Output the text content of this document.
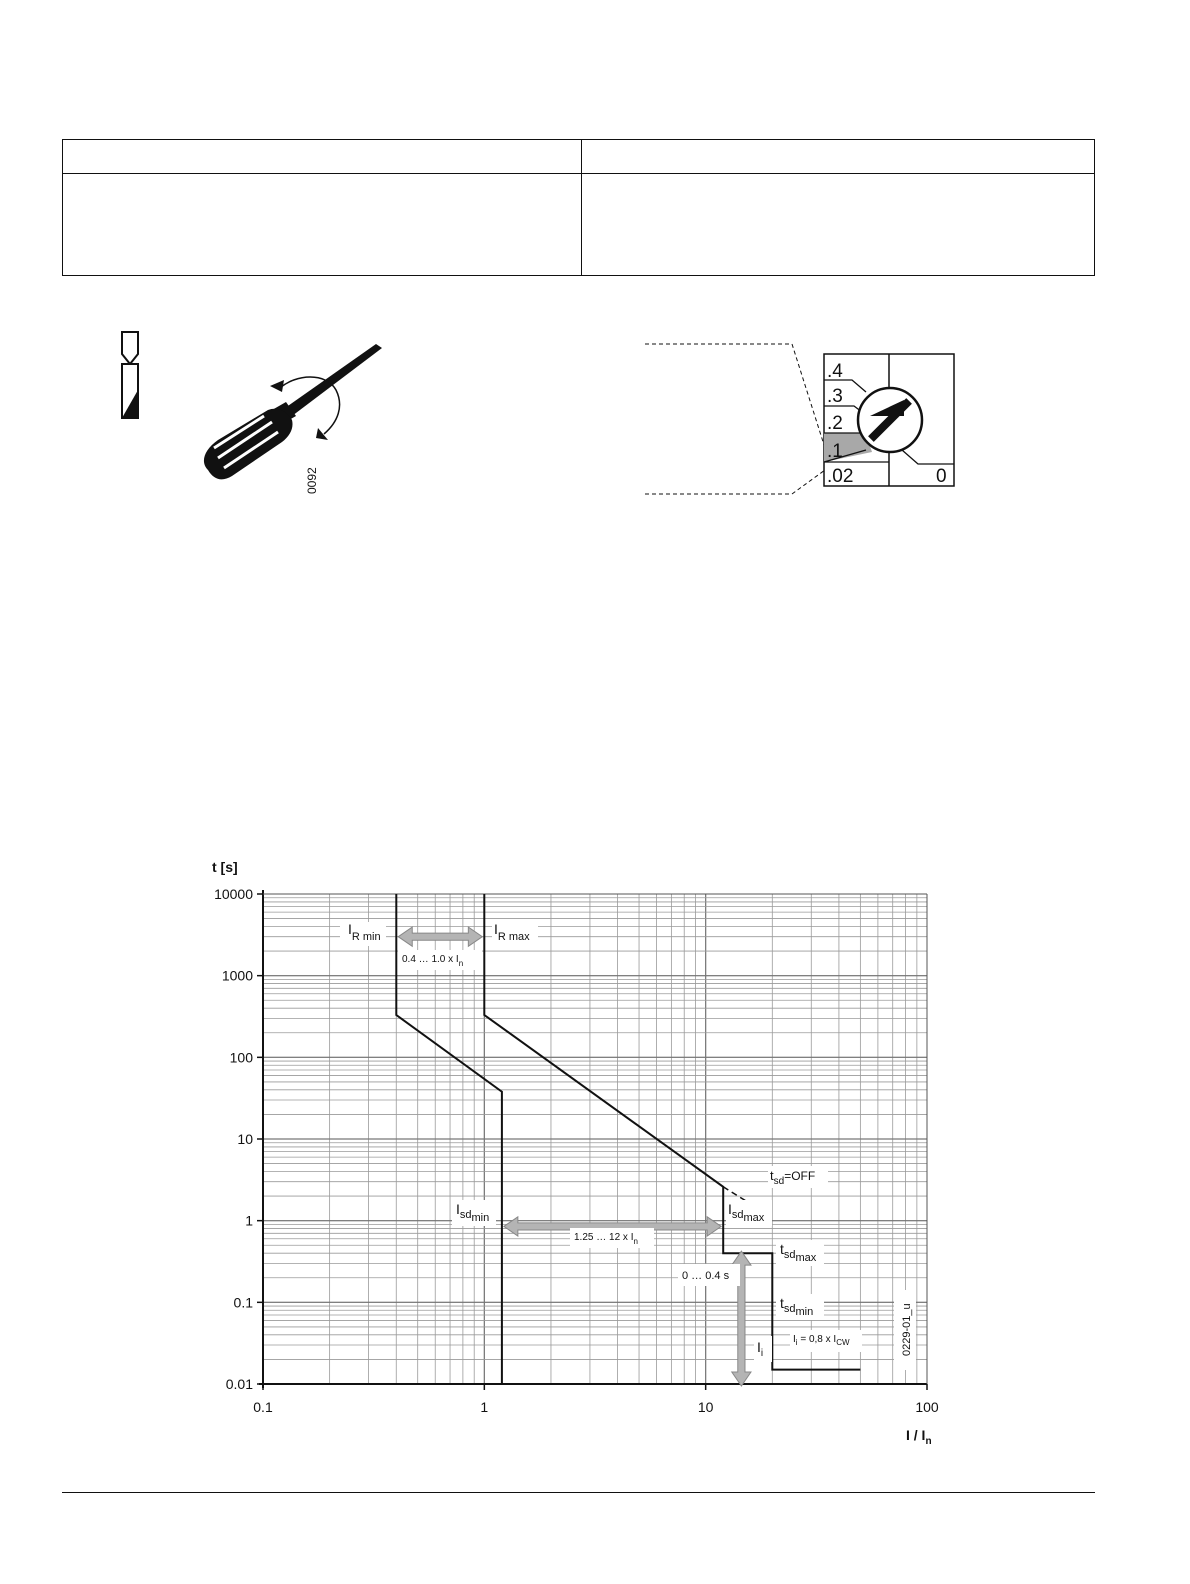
0092
.4
.3
.2
.1
.02	0
10000
1000
100
10
1
0.1
0.01
0.1	1	10	100
t [s]
I / $I_n$
$I_{R min}$	$I_{R max}$
0.4 … 1.0 x $I_n$
$t_{sd}=OFF$
$I_{sdmin}$
$I_{sdmax}$
1.25 … 12 x $I_n$	$t_{sdmax}$
0 … 0.4 s
$t_{sdmin}$
$I_i$
$I_i = 0,8$ x $I_{CW}$	0229-01_u
